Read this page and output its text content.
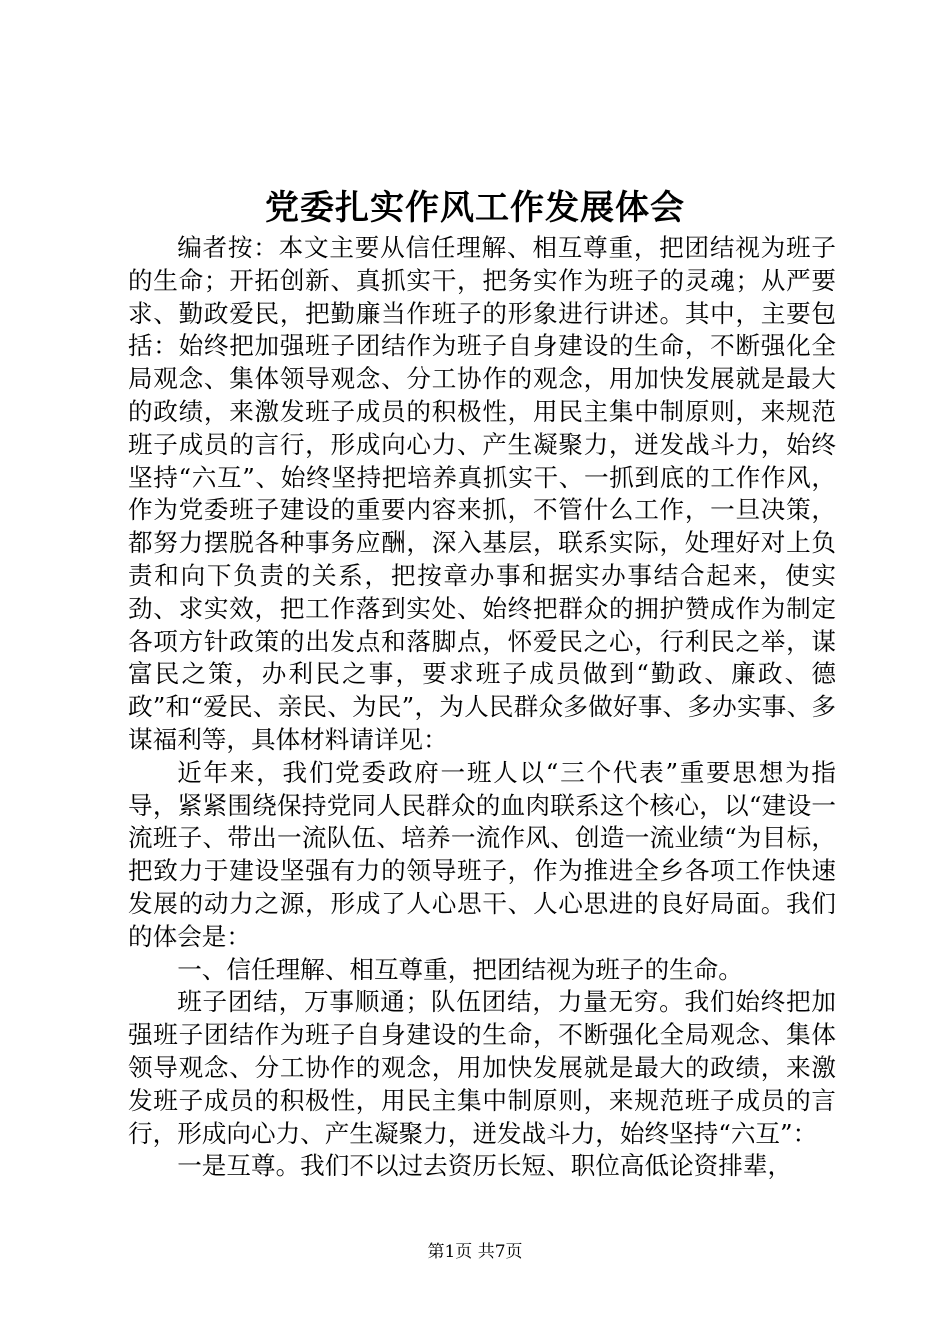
党委扎实作风工作发展体会

编者按：本文主要从信任理解、相互尊重，把团结视为班子的生命；开拓创新、真抓实干，把务实作为班子的灵魂；从严要求、勤政爱民，把勤廉当作班子的形象进行讲述。其中，主要包括：始终把加强班子团结作为班子自身建设的生命，不断强化全局观念、集体领导观念、分工协作的观念，用加快发展就是最大的政绩，来激发班子成员的积极性，用民主集中制原则，来规范班子成员的言行，形成向心力、产生凝聚力，迸发战斗力，始终坚持“六互”、始终坚持把培养真抓实干、一抓到底的工作作风，作为党委班子建设的重要内容来抓，不管什么工作，一旦决策，都努力摆脱各种事务应酬，深入基层，联系实际，处理好对上负责和向下负责的关系，把按章办事和据实办事结合起来，使实劲、求实效，把工作落到实处、始终把群众的拥护赞成作为制定各项方针政策的出发点和落脚点，怀爱民之心，行利民之举，谋富民之策，办利民之事，要求班子成员做到“勤政、廉政、德政”和“爱民、亲民、为民”，为人民群众多做好事、多办实事、多谋福利等，具体材料请详见：

近年来，我们党委政府一班人以“三个代表”重要思想为指导，紧紧围绕保持党同人民群众的血肉联系这个核心，以“建设一流班子、带出一流队伍、培养一流作风、创造一流业绩“为目标，把致力于建设坚强有力的领导班子，作为推进全乡各项工作快速发展的动力之源，形成了人心思干、人心思进的良好局面。我们的体会是：

一、信任理解、相互尊重，把团结视为班子的生命。

班子团结，万事顺通；队伍团结，力量无穷。我们始终把加强班子团结作为班子自身建设的生命，不断强化全局观念、集体领导观念、分工协作的观念，用加快发展就是最大的政绩，来激发班子成员的积极性，用民主集中制原则，来规范班子成员的言行，形成向心力、产生凝聚力，迸发战斗力，始终坚持“六互”：

一是互尊。我们不以过去资历长短、职位高低论资排辈，

第1页 共7页
